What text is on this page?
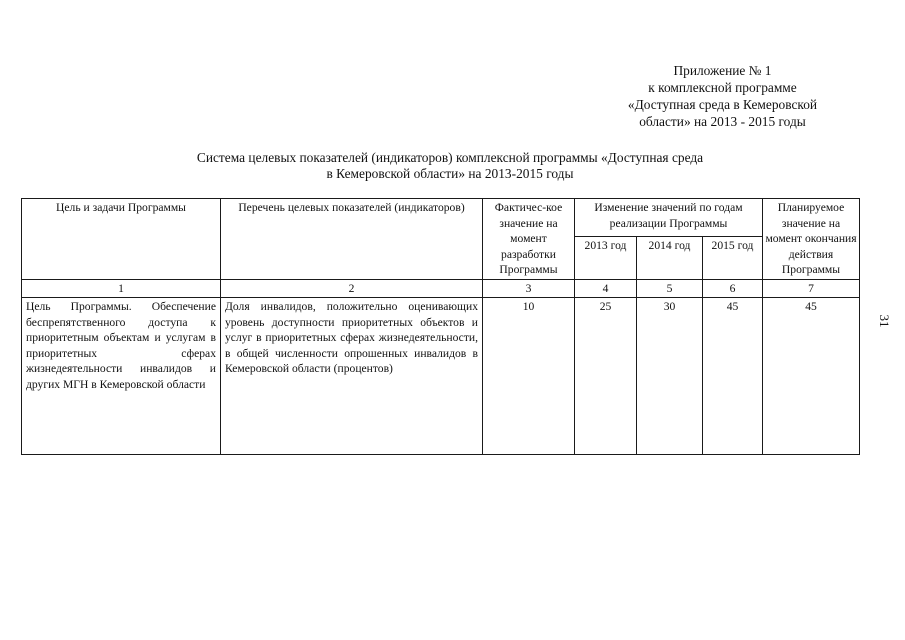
Приложение № 1
к комплексной программе
«Доступная среда в Кемеровской
области» на 2013 - 2015 годы
Система целевых показателей (индикаторов) комплексной программы «Доступная среда
в Кемеровской области» на 2013-2015 годы
Цель и задачи Программы	Перечень целевых показателей (индикаторов)	Фактичес-кое значение на момент разработки Программы	Изменение значений по годам реализации Программы			Планируемое значение на момент окончания действия Программы
			2013 год	2014 год	2015 год	
1	2	3	4	5	6	7
Цель Программы. Обеспечение беспрепятственного доступа к приоритетным объектам и услугам в приоритетных сферах жизнедеятельности инвалидов и других МГН в Кемеровской области	Доля инвалидов, положительно оценивающих уровень доступности приоритетных объектов и услуг в приоритетных сферах жизнедеятельности, в общей численности опрошенных инвалидов в Кемеровской области (процентов)	10	25	30	45	45
31
